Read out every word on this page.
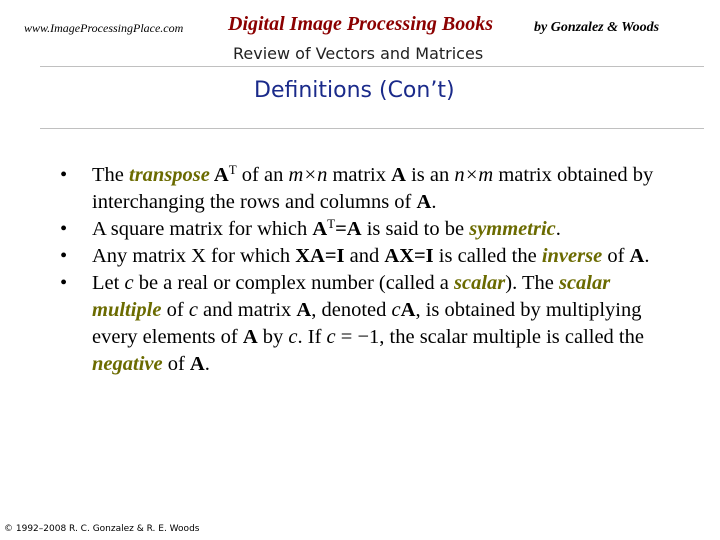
www.ImageProcessingPlace.com Digital Image Processing Books	by Gonzalez & Woods
Review of Vectors and Matrices
Definitions (Con’t)
• The transpose $A^T$ of an m×n matrix A is an n×m matrix obtained by interchanging the rows and columns of A.
• A square matrix for which $A^T=A$ is said to be symmetric.
• Any matrix X for which XA=I and AX=I is called the inverse of A.
• Let c be a real or complex number (called a scalar). The scalar multiple of c and matrix A, denoted cA, is obtained by multiplying every elements of A by c. If c = −1, the scalar multiple is called the negative of A.
© 1992–2008 R. C. Gonzalez & R. E. Woods
